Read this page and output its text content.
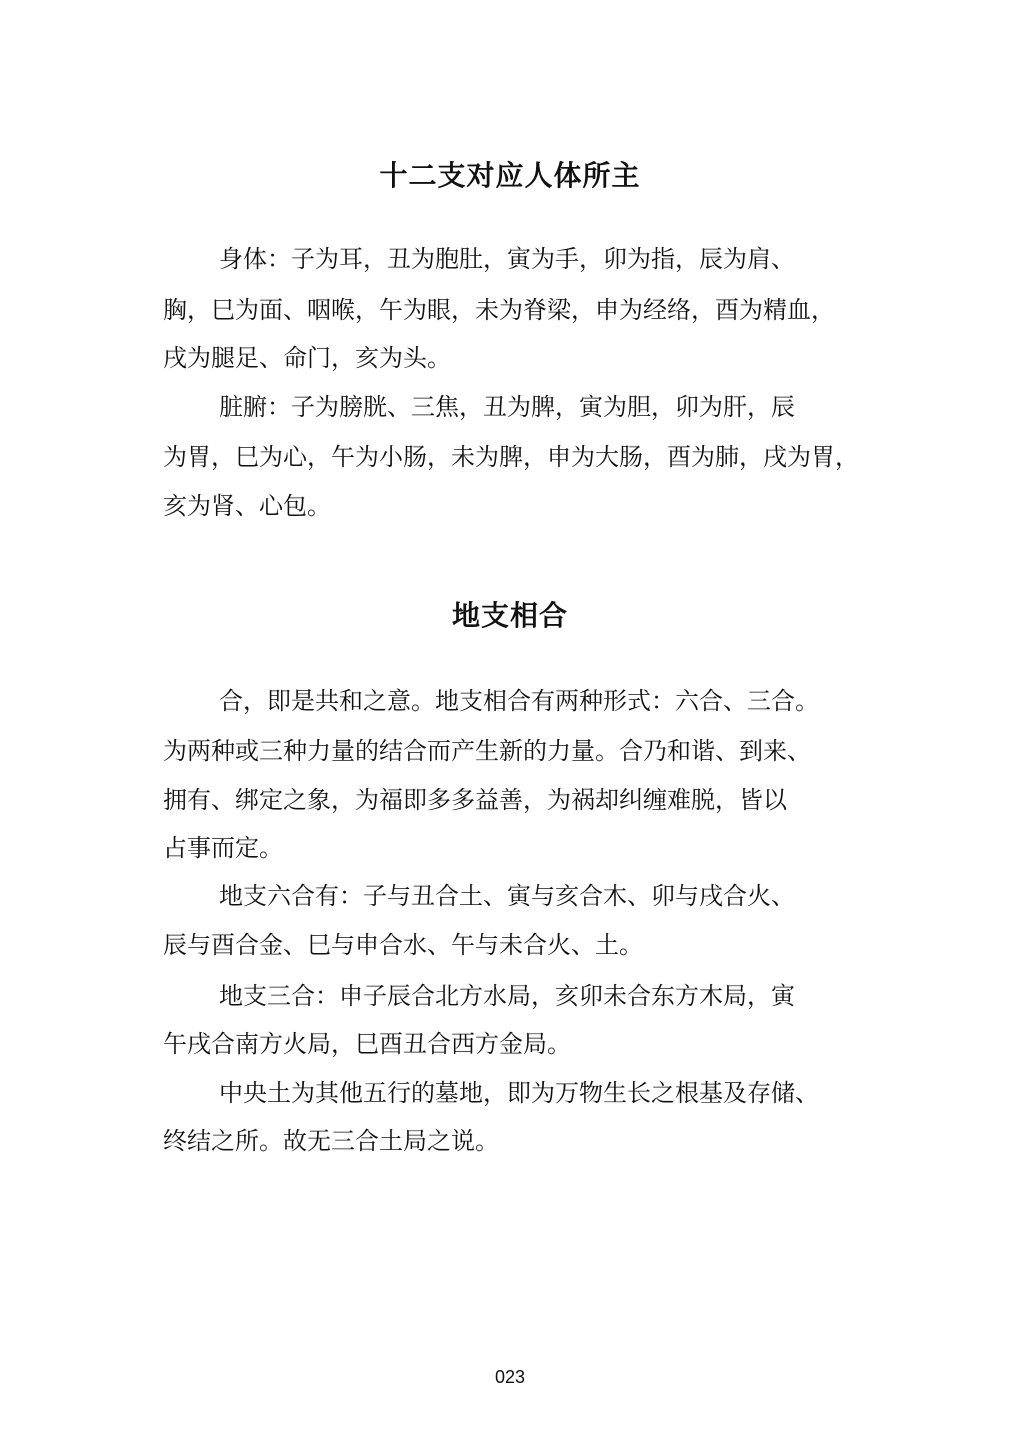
十二支对应人体所主
身体：子为耳，丑为胞肚，寅为手，卯为指，辰为肩、
胸，巳为面、咽喉，午为眼，未为脊梁，申为经络，酉为精血，
戌为腿足、命门，亥为头。
脏腑：子为膀胱、三焦，丑为脾，寅为胆，卯为肝，辰
为胃，巳为心，午为小肠，未为脾，申为大肠，酉为肺，戌为胃，
亥为肾、心包。
地支相合
合，即是共和之意。地支相合有两种形式：六合、三合。
为两种或三种力量的结合而产生新的力量。合乃和谐、到来、
拥有、绑定之象，为福即多多益善，为祸却纠缠难脱，皆以
占事而定。
地支六合有：子与丑合土、寅与亥合木、卯与戌合火、
辰与酉合金、巳与申合水、午与未合火、土。
地支三合：申子辰合北方水局，亥卯未合东方木局，寅
午戌合南方火局，巳酉丑合西方金局。
中央土为其他五行的墓地，即为万物生长之根基及存储、
终结之所。故无三合土局之说。
023
